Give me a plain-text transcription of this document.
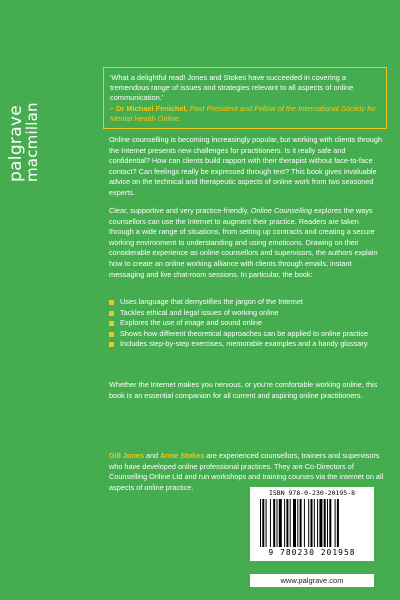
palgrave
macmillan
'What a delightful read! Jones and Stokes have succeeded in covering a tremendous range of issues and strategies relevant to all aspects of online communication.'
– Dr Michael Fenichel, Past President and Fellow of the International Society for Mental Health Online.
Online counselling is becoming increasingly popular, but working with clients through the Internet presents new challenges for practitioners. Is it really safe and confidential? How can clients build rapport with their therapist without face-to-face contact? Can feelings really be expressed through text? This book gives invaluable advice on the technical and therapeutic aspects of online work from two seasoned experts.
Clear, supportive and very practice-friendly, Online Counselling explores the ways counsellors can use the Internet to augment their practice. Readers are taken through a wide range of situations, from setting up contracts and creating a secure working environment to understanding and using emoticons. Drawing on their considerable experience as online counsellors and supervisors, the authors explain how to create an online working alliance with clients through emails, instant messaging and live chat-room sessions. In particular, the book:
Uses language that demystifies the jargon of the Internet
Tackles ethical and legal issues of working online
Explores the use of image and sound online
Shows how different theoretical approaches can be applied to online practice
Includes step-by-step exercises, memorable examples and a handy glossary.
Whether the Internet makes you nervous, or you're comfortable working online, this book is an essential companion for all current and aspiring online practitioners.
Gill Jones and Anne Stokes are experienced counsellors, trainers and supervisors who have developed online professional practices. They are Co-Directors of Counselling Online Ltd and run workshops and training courses via the internet on all aspects of online practice.
ISBN 978-0-230-20195-8
9 780230 201958
www.palgrave.com
